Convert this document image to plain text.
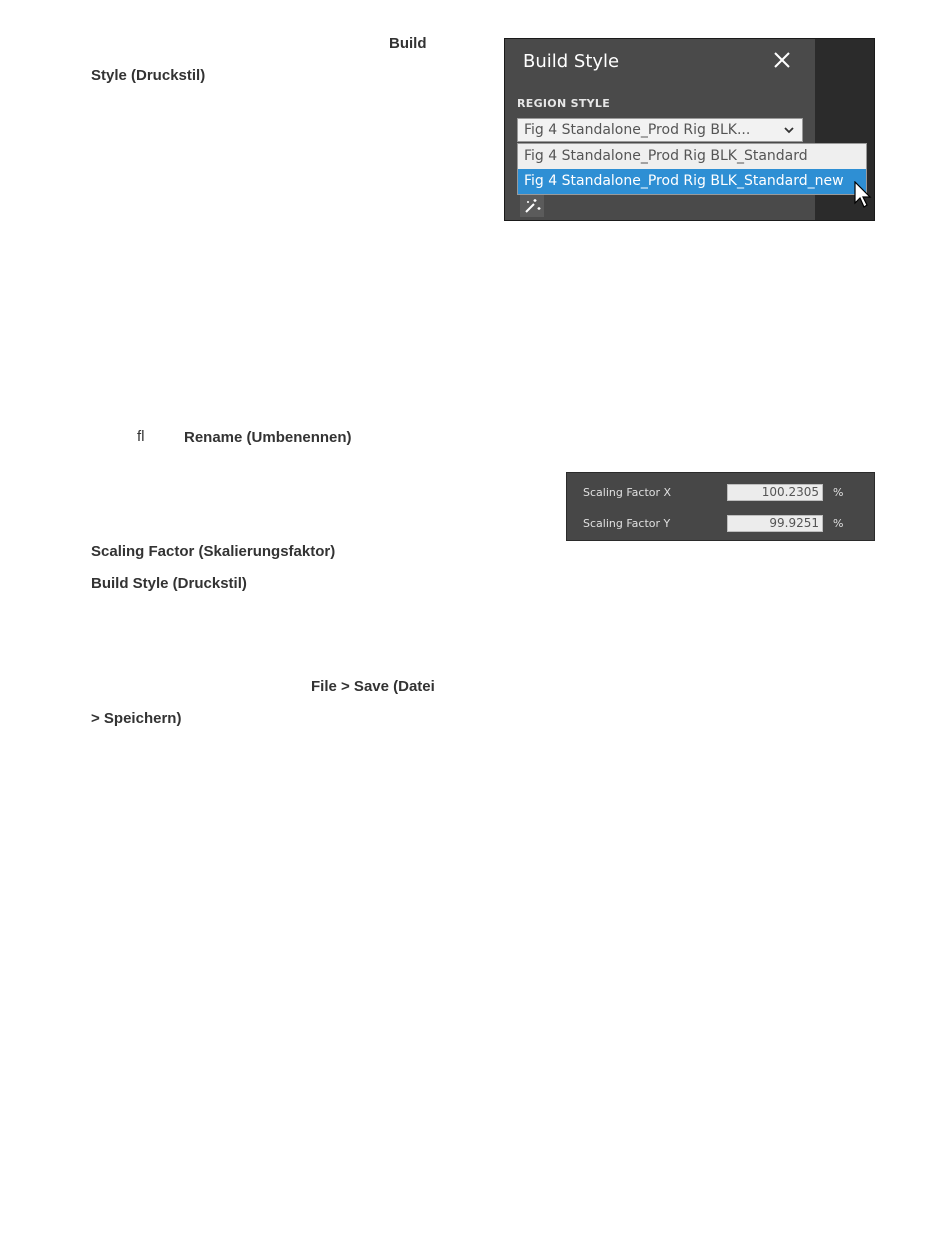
Build
Style (Druckstil)
ﬂ	Rename (Umbenennen)
Scaling Factor (Skalierungsfaktor)
Build Style (Druckstil)
File > Save (Datei
> Speichern)
Build Style
REGION STYLE
Fig 4 Standalone_Prod Rig BLK...
Fig 4 Standalone_Prod Rig BLK_Standard
Fig 4 Standalone_Prod Rig BLK_Standard_new
Scaling Factor X	100.2305	%
Scaling Factor Y	99.9251	%
